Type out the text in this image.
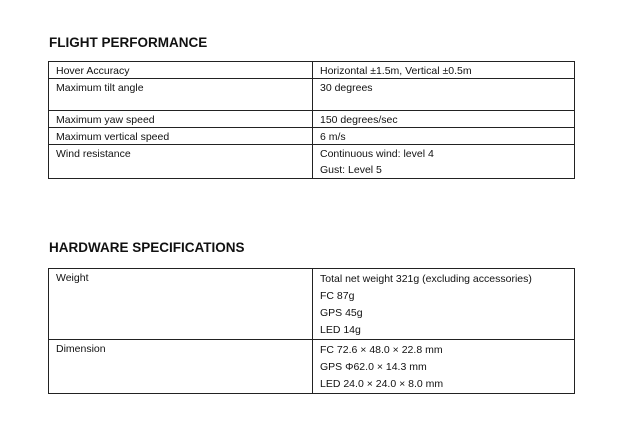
FLIGHT PERFORMANCE
Hover Accuracy	Horizontal ±1.5m, Vertical ±0.5m
Maximum tilt angle	30 degrees
Maximum yaw speed	150 degrees/sec
Maximum vertical speed	6 m/s
Wind resistance	Continuous wind: level 4
Gust: Level 5
HARDWARE SPECIFICATIONS
Weight	Total net weight 321g (excluding accessories)
FC 87g
GPS 45g
LED 14g

Dimension	FC 72.6 × 48.0 × 22.8 mm
GPS Φ62.0 × 14.3 mm
LED 24.0 × 24.0 × 8.0 mm
